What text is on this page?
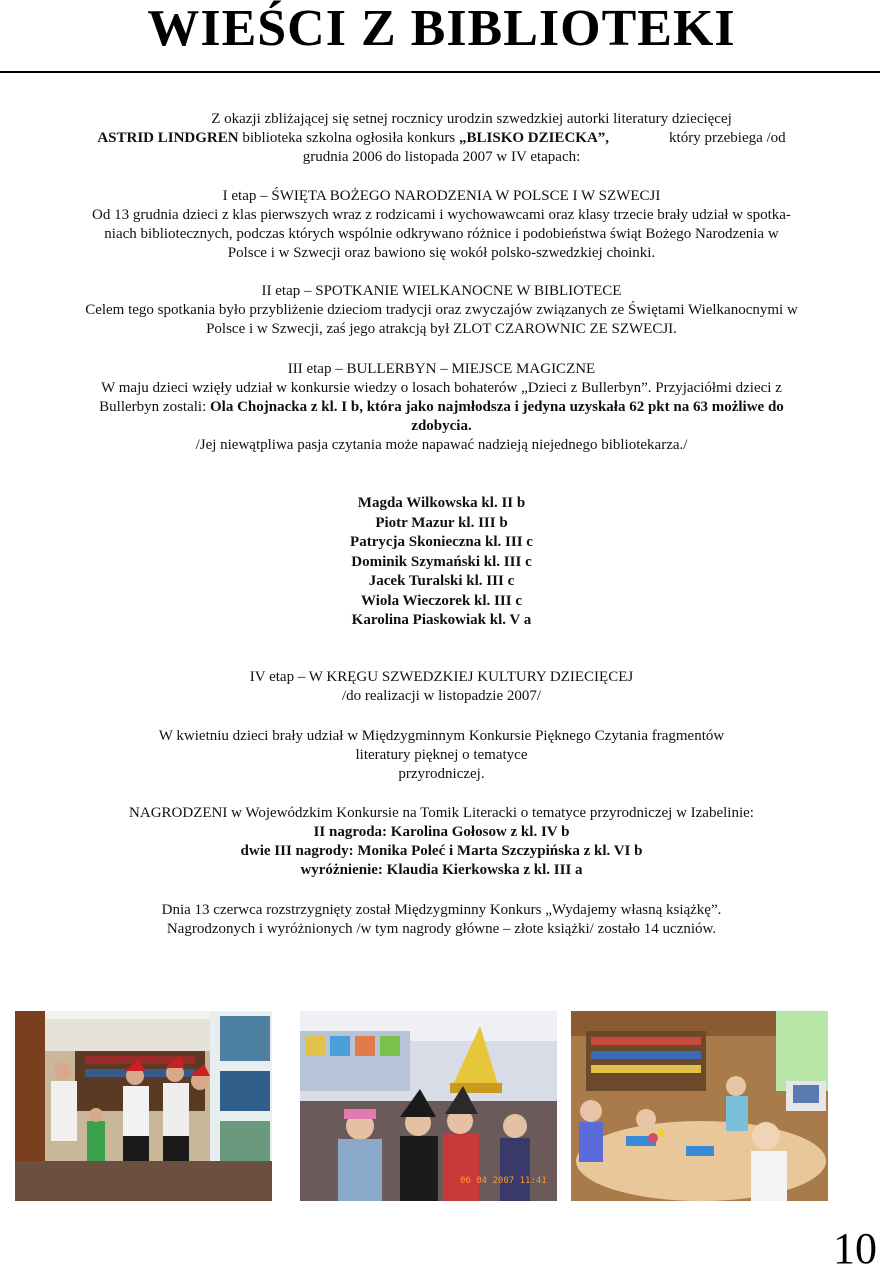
WIEŚCI Z BIBLIOTEKI
Z okazji zbliżającej się setnej rocznicy urodzin szwedzkiej autorki literatury dziecięcej
ASTRID LINDGREN biblioteka szkolna ogłosiła konkurs „BLISKO DZIECKA”,	który przebiega /od
grudnia 2006 do listopada 2007 w IV etapach:

I etap – ŚWIĘTA BOŻEGO NARODZENIA W POLSCE I W SZWECJI

Od 13 grudnia dzieci z klas pierwszych wraz z rodzicami i wychowawcami oraz klasy trzecie brały udział w spotka-

niach bibliotecznych, podczas których wspólnie odkrywano różnice i podobieństwa świąt Bożego Narodzenia w

Polsce i w Szwecji oraz bawiono się wokół polsko-szwedzkiej choinki.

II etap – SPOTKANIE WIELKANOCNE W BIBLIOTECE

Celem tego spotkania było przybliżenie dzieciom tradycji oraz zwyczajów związanych ze Świętami Wielkanocnymi w

Polsce i w Szwecji, zaś jego atrakcją był ZLOT CZAROWNIC ZE SZWECJI.

III etap – BULLERBYN – MIEJSCE MAGICZNE

W maju dzieci wzięły udział w konkursie wiedzy o losach bohaterów „Dzieci z Bullerbyn”. Przyjaciółmi dzieci z

Bullerbyn zostali: Ola Chojnacka z kl. I b, która jako najmłodsza i jedyna uzyskała 62 pkt na 63 możliwe do

zdobycia.

/Jej niewątpliwa pasja czytania może napawać nadzieją niejednego bibliotekarza./

Magda Wilkowska kl. II b
Piotr Mazur kl. III b
Patrycja Skonieczna kl. III c
Dominik Szymański kl. III c
Jacek Turalski kl. III c
Wiola Wieczorek kl. III c
Karolina Piaskowiak kl. V a

IV etap – W KRĘGU SZWEDZKIEJ KULTURY DZIECIĘCEJ

/do realizacji w listopadzie 2007/

W kwietniu dzieci brały udział w Międzygminnym Konkursie Pięknego Czytania fragmentów

literatury pięknej o tematyce

przyrodniczej.

NAGRODZENI w Wojewódzkim Konkursie na Tomik Literacki o tematyce przyrodniczej w Izabelinie:

II nagroda: Karolina Gołosow z kl. IV b

dwie III nagrody: Monika Poleć i Marta Szczypińska z kl. VI b

wyróżnienie: Klaudia Kierkowska z kl. III a

Dnia 13 czerwca rozstrzygnięty został Międzygminny Konkurs „Wydajemy własną książkę”.

Nagrodzonych i wyróżnionych /w tym nagrody główne – złote książki/ zostało 14 uczniów.

06 04 2007 11:41
10
